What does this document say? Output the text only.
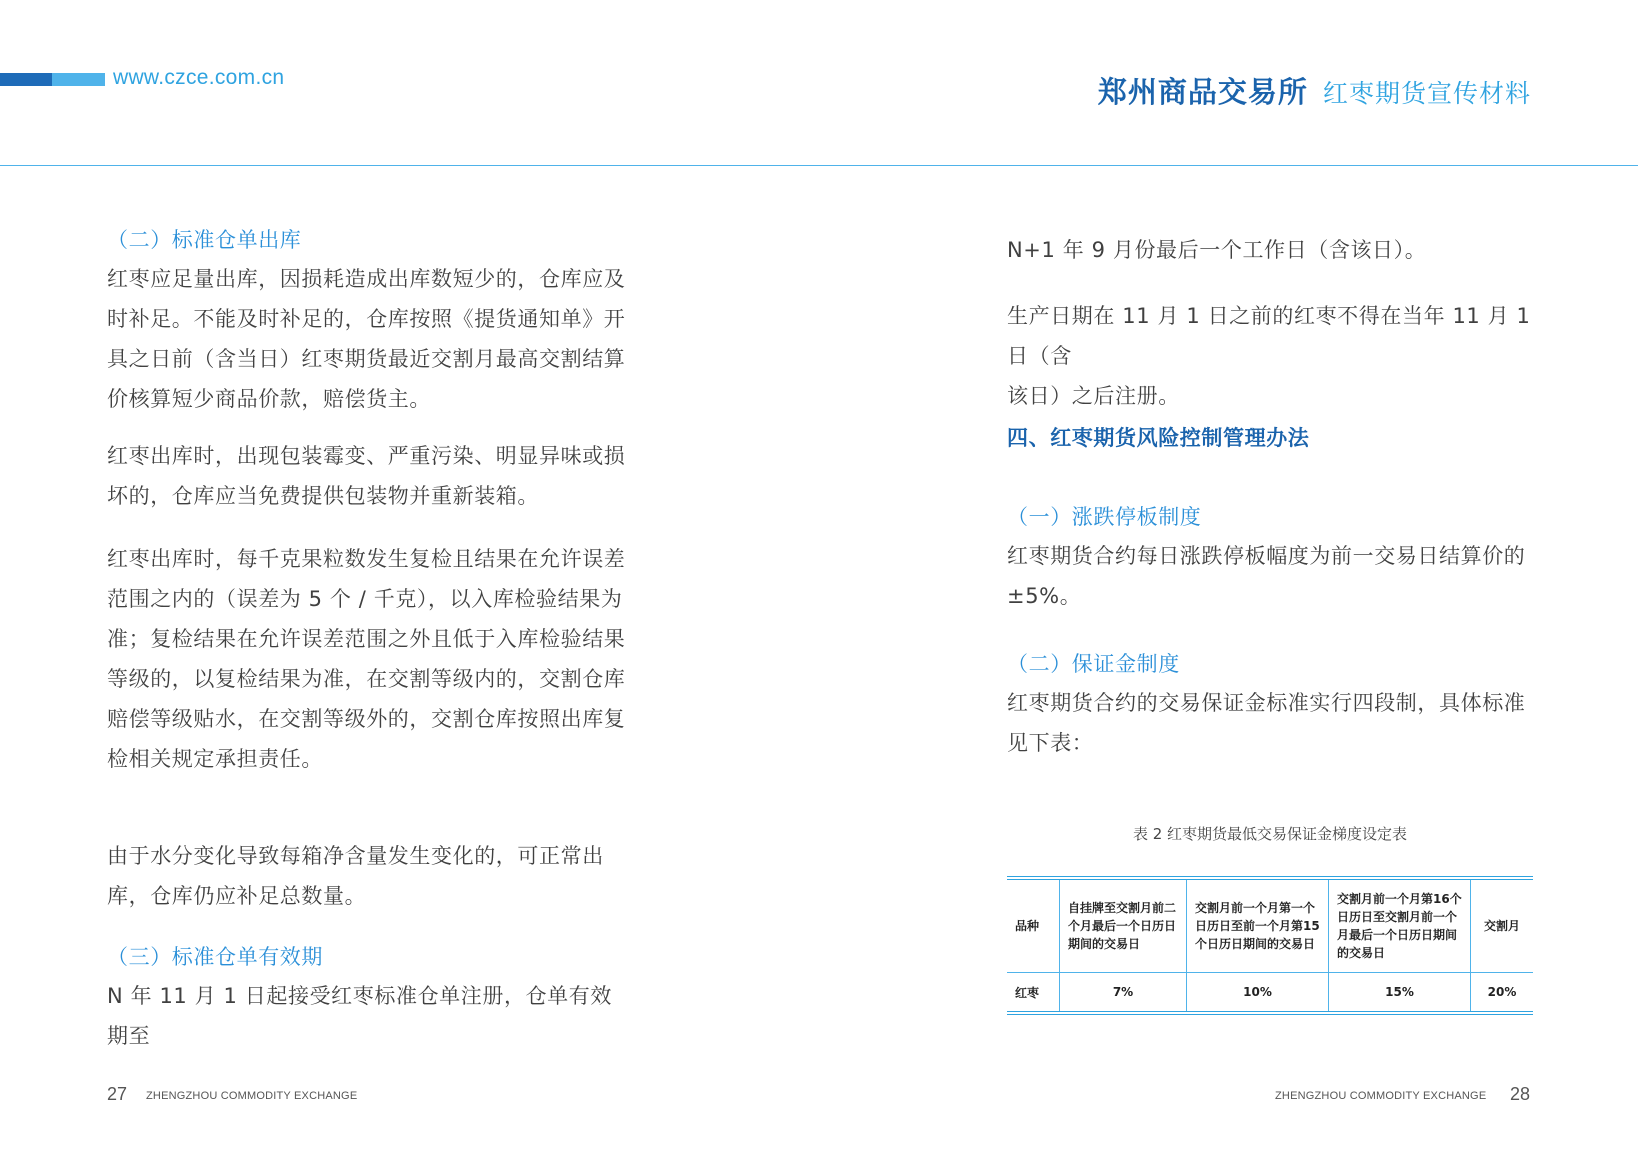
www.czce.com.cn	郑州商品交易所 红枣期货宣传材料
（二）标准仓单出库
红枣应足量出库，因损耗造成出库数短少的，仓库应及
时补足。不能及时补足的，仓库按照《提货通知单》开
具之日前（含当日）红枣期货最近交割月最高交割结算
价核算短少商品价款，赔偿货主。
红枣出库时，出现包装霉变、严重污染、明显异味或损
坏的，仓库应当免费提供包装物并重新装箱。
红枣出库时，每千克果粒数发生复检且结果在允许误差
范围之内的（误差为 5 个 / 千克），以入库检验结果为
准；复检结果在允许误差范围之外且低于入库检验结果
等级的，以复检结果为准，在交割等级内的，交割仓库
赔偿等级贴水，在交割等级外的，交割仓库按照出库复
检相关规定承担责任。
由于水分变化导致每箱净含量发生变化的，可正常出
库，仓库仍应补足总数量。
（三）标准仓单有效期
N 年 11 月 1 日起接受红枣标准仓单注册，仓单有效期至
27 ZHENGZHOU COMMODITY EXCHANGE
N+1 年 9 月份最后一个工作日（含该日）。
生产日期在 11 月 1 日之前的红枣不得在当年 11 月 1 日（含
该日）之后注册。
四、红枣期货风险控制管理办法
（一）涨跌停板制度
红枣期货合约每日涨跌停板幅度为前一交易日结算价的
±5%。
（二）保证金制度
红枣期货合约的交易保证金标准实行四段制，具体标准
见下表：
表 2 红枣期货最低交易保证金梯度设定表
品种	自挂牌至交割月前二个月最后一个日历日期间的交易日	交割月前一个月第一个日历日至前一个月第15个日历日期间的交易日	交割月前一个月第16个日历日至交割月前一个月最后一个日历日期间的交易日	交割月
红枣	7%	10%	15%	20%
ZHENGZHOU COMMODITY EXCHANGE 28
